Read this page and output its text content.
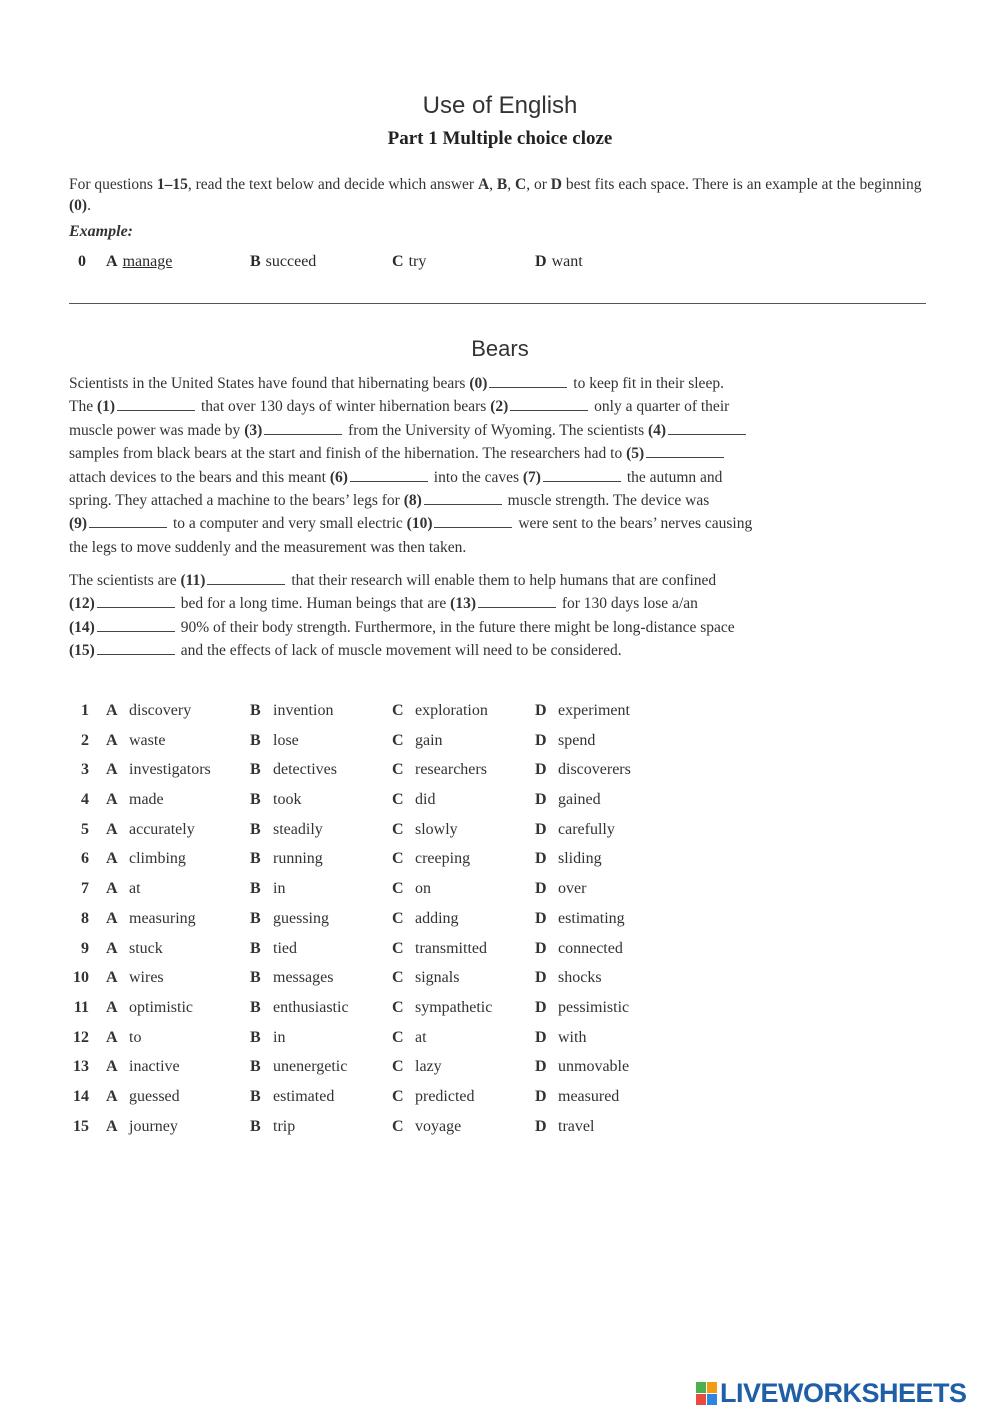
Use of English
Part 1 Multiple choice cloze
For questions 1–15, read the text below and decide which answer A, B, C, or D best fits each space. There is an example at the beginning (0).
Example:
0 A manage	B succeed	C try	D want
Bears
Scientists in the United States have found that hibernating bears (0)	to keep fit in their sleep.
The (1)	that over 130 days of winter hibernation bears (2)	only a quarter of their
muscle power was made by (3)	from the University of Wyoming. The scientists (4)
samples from black bears at the start and finish of the hibernation. The researchers had to (5)
attach devices to the bears and this meant (6)	into the caves (7)	the autumn and
spring. They attached a machine to the bears’ legs for (8)	muscle strength. The device was
(9)	to a computer and very small electric (10)	were sent to the bears’ nerves causing
the legs to move suddenly and the measurement was then taken.
The scientists are (11)	that their research will enable them to help humans that are confined
(12)	bed for a long time. Human beings that are (13)	for 130 days lose a/an
(14)	90% of their body strength. Furthermore, in the future there might be long-distance space
(15)	and the effects of lack of muscle movement will need to be considered.
1 A discovery	B invention	C exploration	D experiment
2 A waste	B lose	C gain	D spend
3 A investigators B detectives	C researchers	D discoverers
4 A made	B took	C did	D gained
5 A accurately	B steadily	C slowly	D carefully
6 A climbing	B running	C creeping	D sliding
7 A at	B in	C on	D over
8 A measuring	B guessing	C adding	D estimating
9 A stuck	B tied	C transmitted	D connected
10 A wires	B messages	C signals	D shocks
11 A optimistic	B enthusiastic	C sympathetic	D pessimistic
12 A to	B in	C at	D with
13 A inactive	B unenergetic	C lazy	D unmovable
14 A guessed	B estimated	C predicted	D measured
15 A journey	B trip	C voyage	D travel
LIVEWORKSHEETS
